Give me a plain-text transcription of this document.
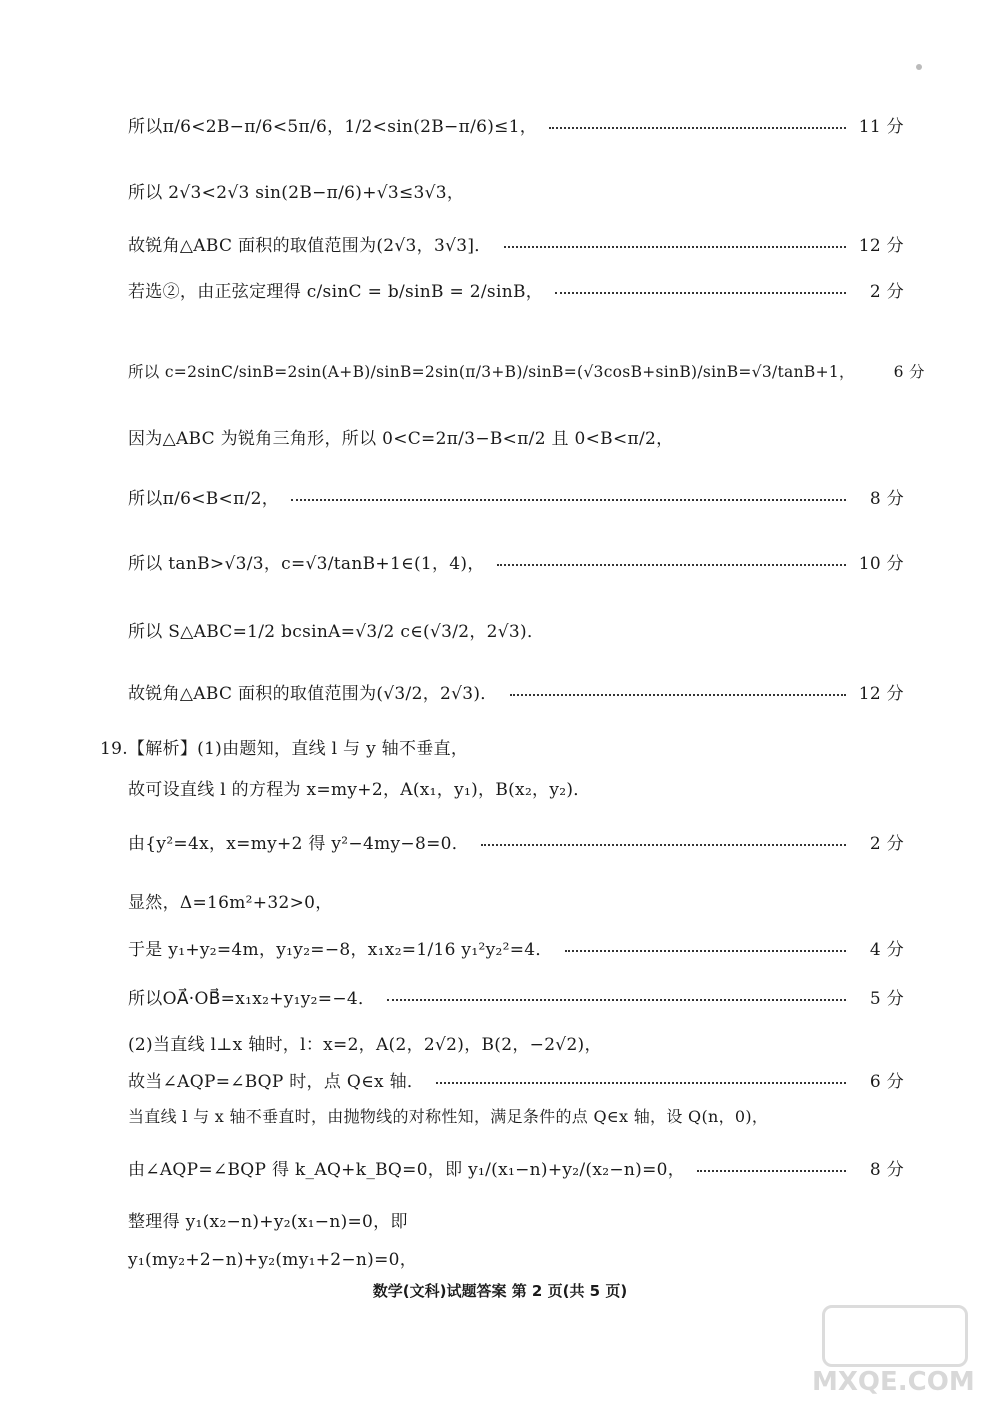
所以π/6<2B−π/6<5π/6，1/2<sin(2B−π/6)≤1，	11 分
所以 2√3<2√3 sin(2B−π/6)+√3≤3√3，
故锐角△ABC 面积的取值范围为(2√3，3√3]．	12 分
若选②，由正弦定理得 c/sinC = b/sinB = 2/sinB，	2 分
所以 c=2sinC/sinB=2sin(A+B)/sinB=2sin(π/3+B)/sinB=(√3cosB+sinB)/sinB=√3/tanB+1，	6 分
因为△ABC 为锐角三角形，所以 0<C=2π/3−B<π/2 且 0<B<π/2，
所以π/6<B<π/2，	8 分
所以 tanB>√3/3，c=√3/tanB+1∈(1，4)，	10 分
所以 S△ABC=1/2 bcsinA=√3/2 c∈(√3/2，2√3)．
故锐角△ABC 面积的取值范围为(√3/2，2√3)．	12 分
19.【解析】(1)由题知，直线 l 与 y 轴不垂直，
故可设直线 l 的方程为 x=my+2，A(x₁，y₁)，B(x₂，y₂)．
由{y²=4x，x=my+2 得 y²−4my−8=0．	2 分
显然，Δ=16m²+32>0，
于是 y₁+y₂=4m，y₁y₂=−8，x₁x₂=1/16 y₁²y₂²=4．	4 分
所以OA⃗·OB⃗=x₁x₂+y₁y₂=−4．	5 分
(2)当直线 l⊥x 轴时，l：x=2，A(2，2√2)，B(2，−2√2)，
故当∠AQP=∠BQP 时，点 Q∈x 轴．	6 分
当直线 l 与 x 轴不垂直时，由抛物线的对称性知，满足条件的点 Q∈x 轴，设 Q(n，0)，
由∠AQP=∠BQP 得 k_AQ+k_BQ=0，即 y₁/(x₁−n)+y₂/(x₂−n)=0，	8 分
整理得 y₁(x₂−n)+y₂(x₁−n)=0，即
y₁(my₂+2−n)+y₂(my₁+2−n)=0，
数学(文科)试题答案 第 2 页(共 5 页)
MXQE.COM
